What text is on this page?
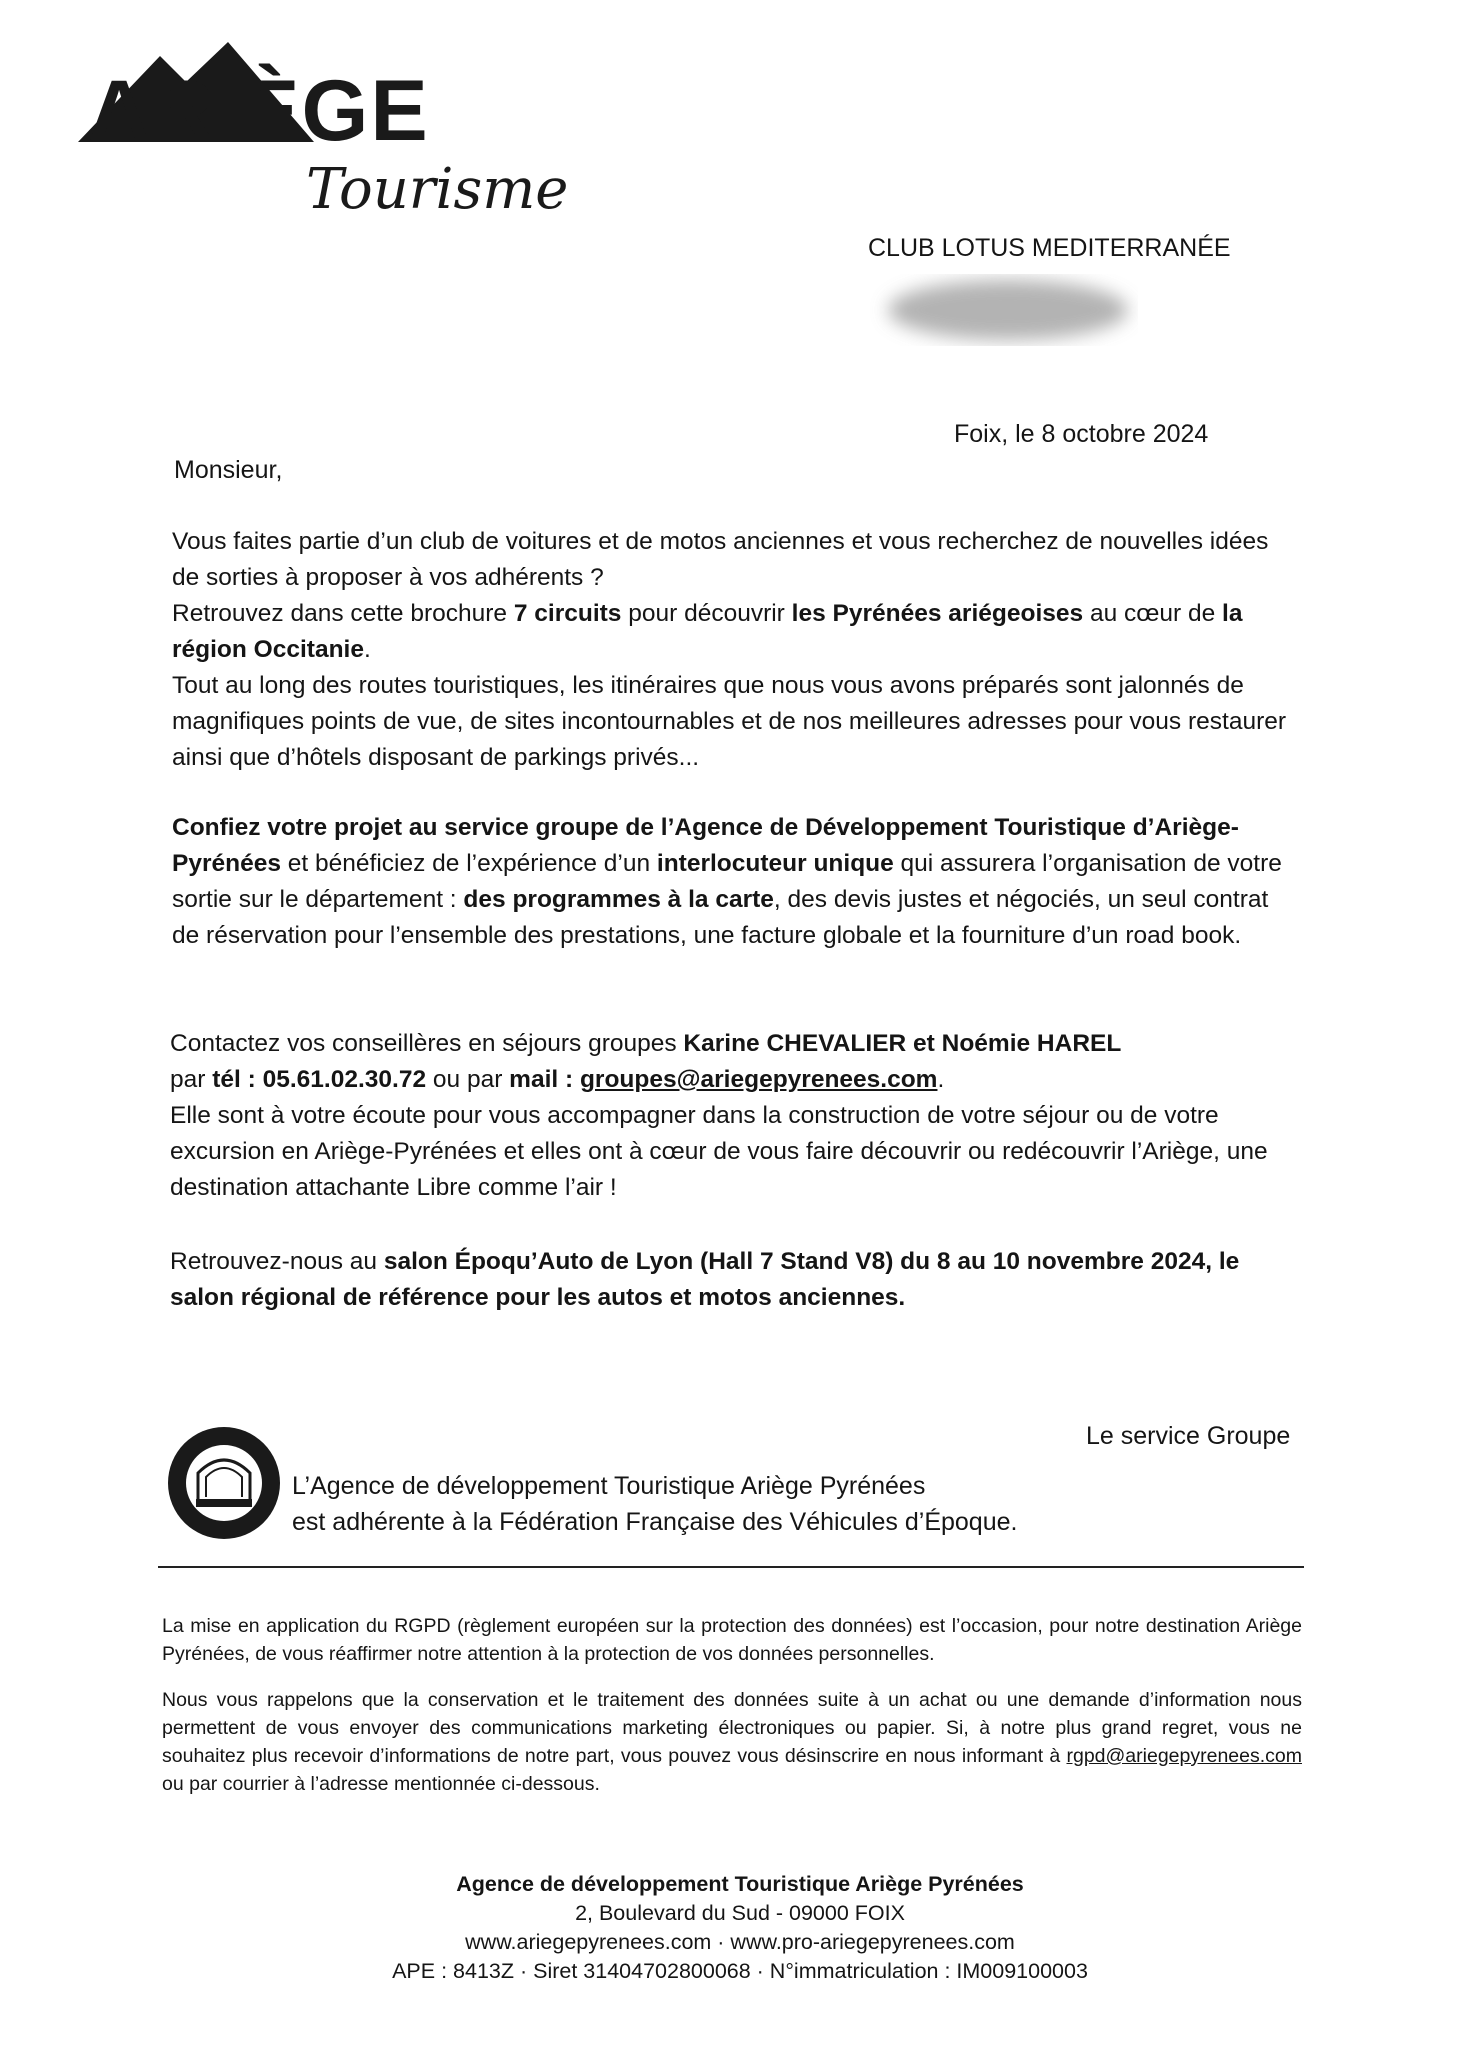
ARIÈGE
Tourisme
CLUB LOTUS MEDITERRANÉE
Foix, le 8 octobre 2024
Monsieur,

Vous faites partie d’un club de voitures et de motos anciennes et vous recherchez de nouvelles idées de sorties à proposer à vos adhérents ?

Retrouvez dans cette brochure 7 circuits pour découvrir les Pyrénées ariégeoises au cœur de la région Occitanie.

Tout au long des routes touristiques, les itinéraires que nous vous avons préparés sont jalonnés de magnifiques points de vue, de sites incontournables et de nos meilleures adresses pour vous restaurer ainsi que d’hôtels disposant de parkings privés...

Confiez votre projet au service groupe de l’Agence de Développement Touristique d’Ariège-Pyrénées et bénéficiez de l’expérience d’un interlocuteur unique qui assurera l’organisation de votre sortie sur le département : des programmes à la carte, des devis justes et négociés, un seul contrat de réservation pour l’ensemble des prestations, une facture globale et la fourniture d’un road book.

Contactez vos conseillères en séjours groupes Karine CHEVALIER et Noémie HAREL

par tél : 05.61.02.30.72 ou par mail : groupes@ariegepyrenees.com.

Elle sont à votre écoute pour vous accompagner dans la construction de votre séjour ou de votre excursion en Ariège-Pyrénées et elles ont à cœur de vous faire découvrir ou redécouvrir l’Ariège, une destination attachante Libre comme l’air !

Retrouvez-nous au salon Époqu’Auto de Lyon (Hall 7 Stand V8) du 8 au 10 novembre 2024, le salon régional de référence pour les autos et motos anciennes.

Le service Groupe
L’Agence de développement Touristique Ariège Pyrénées
est adhérente à la Fédération Française des Véhicules d’Époque.

La mise en application du RGPD (règlement européen sur la protection des données) est l’occasion, pour notre destination Ariège Pyrénées, de vous réaffirmer notre attention à la protection de vos données personnelles.

Nous vous rappelons que la conservation et le traitement des données suite à un achat ou une demande d’information nous permettent de vous envoyer des communications marketing électroniques ou papier. Si, à notre plus grand regret, vous ne souhaitez plus recevoir d’informations de notre part, vous pouvez vous désinscrire en nous informant à rgpd@ariegepyrenees.com ou par courrier à l’adresse mentionnée ci-dessous.

Agence de développement Touristique Ariège Pyrénées
2, Boulevard du Sud - 09000 FOIX
www.ariegepyrenees.com · www.pro-ariegepyrenees.com
APE : 8413Z · Siret 31404702800068 · N°immatriculation : IM009100003
